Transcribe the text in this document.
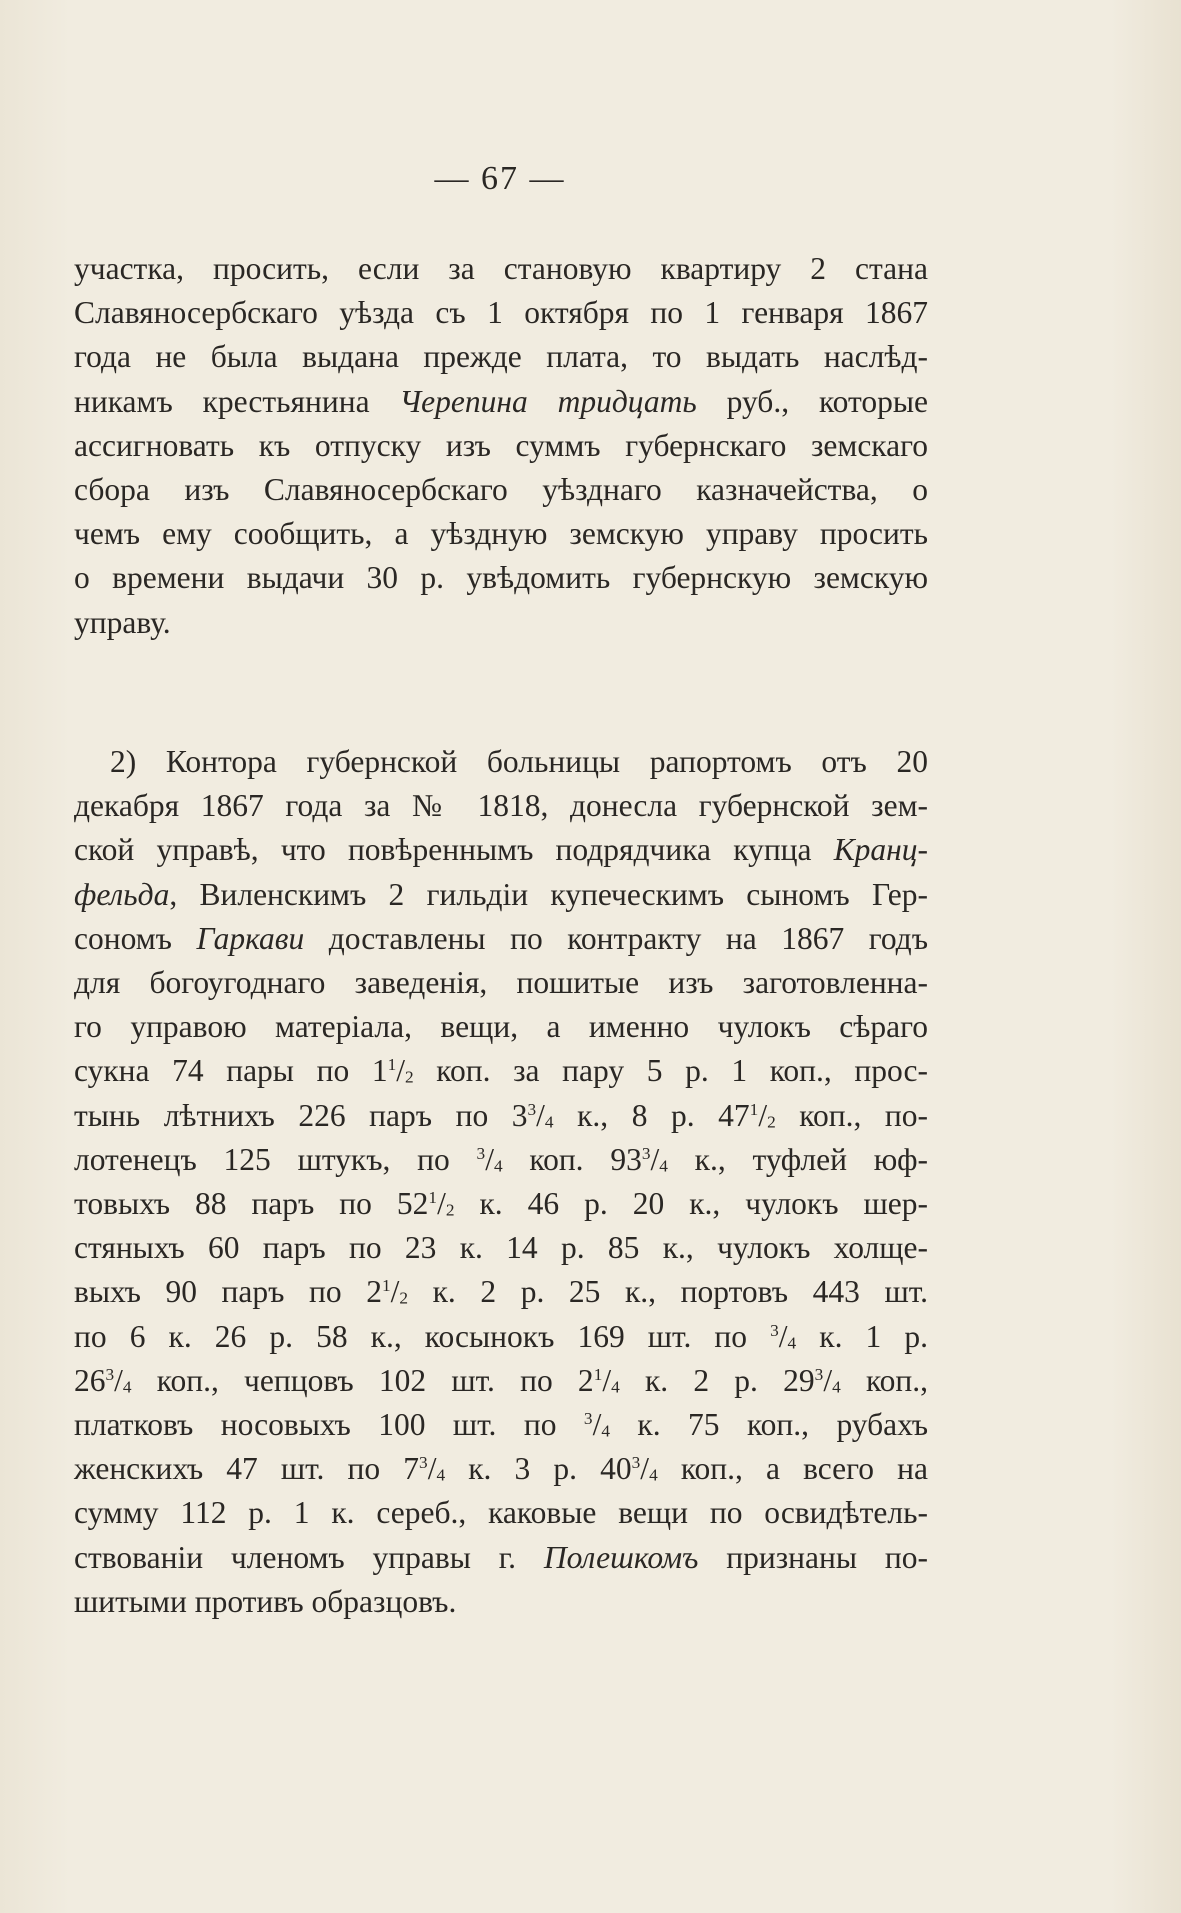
— 67 —

участка, просить, если за становую квартиру 2 стана

Славяносербскаго уѣзда съ 1 октября по 1 генваря 1867

года не была выдана прежде плата, то выдать наслѣд-

никамъ крестьянина Черепина тридцать руб., которые

ассигновать къ отпуску изъ суммъ губернскаго земскаго

сбора изъ Славяносербскаго уѣзднаго казначейства, о

чемъ ему сообщить, а уѣздную земскую управу просить

о времени выдачи 30 р. увѣдомить губернскую земскую

управу.

2) Контора губернской больницы рапортомъ отъ 20

декабря 1867 года за № 1818, донесла губернской зем-

ской управѣ, что повѣреннымъ подрядчика купца Кранц-

фельда, Виленскимъ 2 гильдіи купеческимъ сыномъ Гер-

сономъ Гаркави доставлены по контракту на 1867 годъ

для богоугоднаго заведенія, пошитые изъ заготовленна-

го управою матеріала, вещи, а именно чулокъ сѣраго

сукна 74 пары по $1^1/_2$ коп. за пару 5 р. 1 коп., прос-

тынь лѣтнихъ 226 паръ по $3^3/_4$ к., 8 р. $47^1/_2$ коп., по-

лотенецъ 125 штукъ, по $^3/_4$ коп. $93^3/_4$ к., туфлей юф-

товыхъ 88 паръ по $52^1/_2$ к. 46 р. 20 к., чулокъ шер-

стяныхъ 60 паръ по 23 к. 14 р. 85 к., чулокъ холще-

выхъ 90 паръ по $2^1/_2$ к. 2 р. 25 к., портовъ 443 шт.

по 6 к. 26 р. 58 к., косынокъ 169 шт. по $^3/_4$ к. 1 р.

$26^3/_4$ коп., чепцовъ 102 шт. по $2^1/_4$ к. 2 р. $29^3/_4$ коп.,

платковъ носовыхъ 100 шт. по $^3/_4$ к. 75 коп., рубахъ

женскихъ 47 шт. по $7^3/_4$ к. 3 р. $40^3/_4$ коп., а всего на

сумму 112 р. 1 к. сереб., каковые вещи по освидѣтель-

ствованіи членомъ управы г. Полешкомъ признаны по-

шитыми противъ образцовъ.
